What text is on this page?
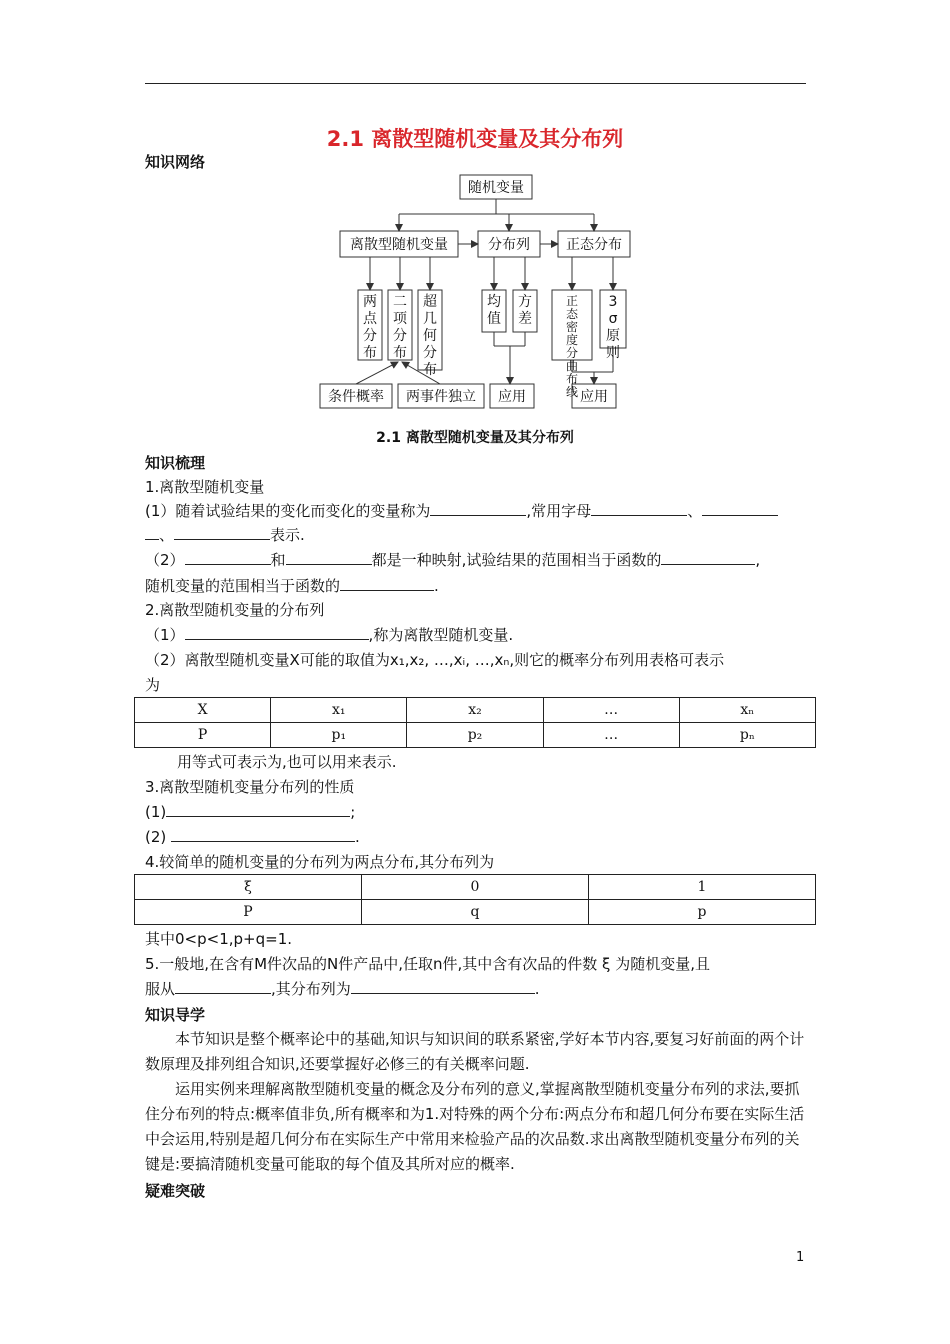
2.1 离散型随机变量及其分布列
知识网络
随机变量
离散型随机变量	分布列	正态分布
条件概率 两事件独立 应用	应用
两
点
分
布
二
项
分
布
超
几
何
分
布
均
值
方
差
3
σ
原
则
正
态
密
度
分
曲
布
线
2.1 离散型随机变量及其分布列
知识梳理
1.离散型随机变量
(1）随着试验结果的变化而变化的变量称为	,常用字母	、
、	表示.
（2）	和	都是一种映射,试验结果的范围相当于函数的	,
随机变量的范围相当于函数的	.
2.离散型随机变量的分布列
（1）	,称为离散型随机变量.
（2）离散型随机变量X可能的取值为x₁,x₂, …,xᵢ, …,xₙ,则它的概率分布列用表格可表示
为
X	x₁	x₂	…	xₙ
P	p₁	p₂	…	pₙ
用等式可表示为,也可以用来表示.
3.离散型随机变量分布列的性质
(1)	;
(2)	.
4.较简单的随机变量的分布列为两点分布,其分布列为
ξ	0	1
P	q	p
其中0<p<1,p+q=1.
5.一般地,在含有M件次品的N件产品中,任取n件,其中含有次品的件数 ξ 为随机变量,且
服从	,其分布列为	.
知识导学
本节知识是整个概率论中的基础,知识与知识间的联系紧密,学好本节内容,要复习好前面的两个计数原理及排列组合知识,还要掌握好必修三的有关概率问题.
运用实例来理解离散型随机变量的概念及分布列的意义,掌握离散型随机变量分布列的求法,要抓住分布列的特点:概率值非负,所有概率和为1.对特殊的两个分布:两点分布和超几何分布要在实际生活中会运用,特别是超几何分布在实际生产中常用来检验产品的次品数.求出离散型随机变量分布列的关键是:要搞清随机变量可能取的每个值及其所对应的概率.
疑难突破
1
